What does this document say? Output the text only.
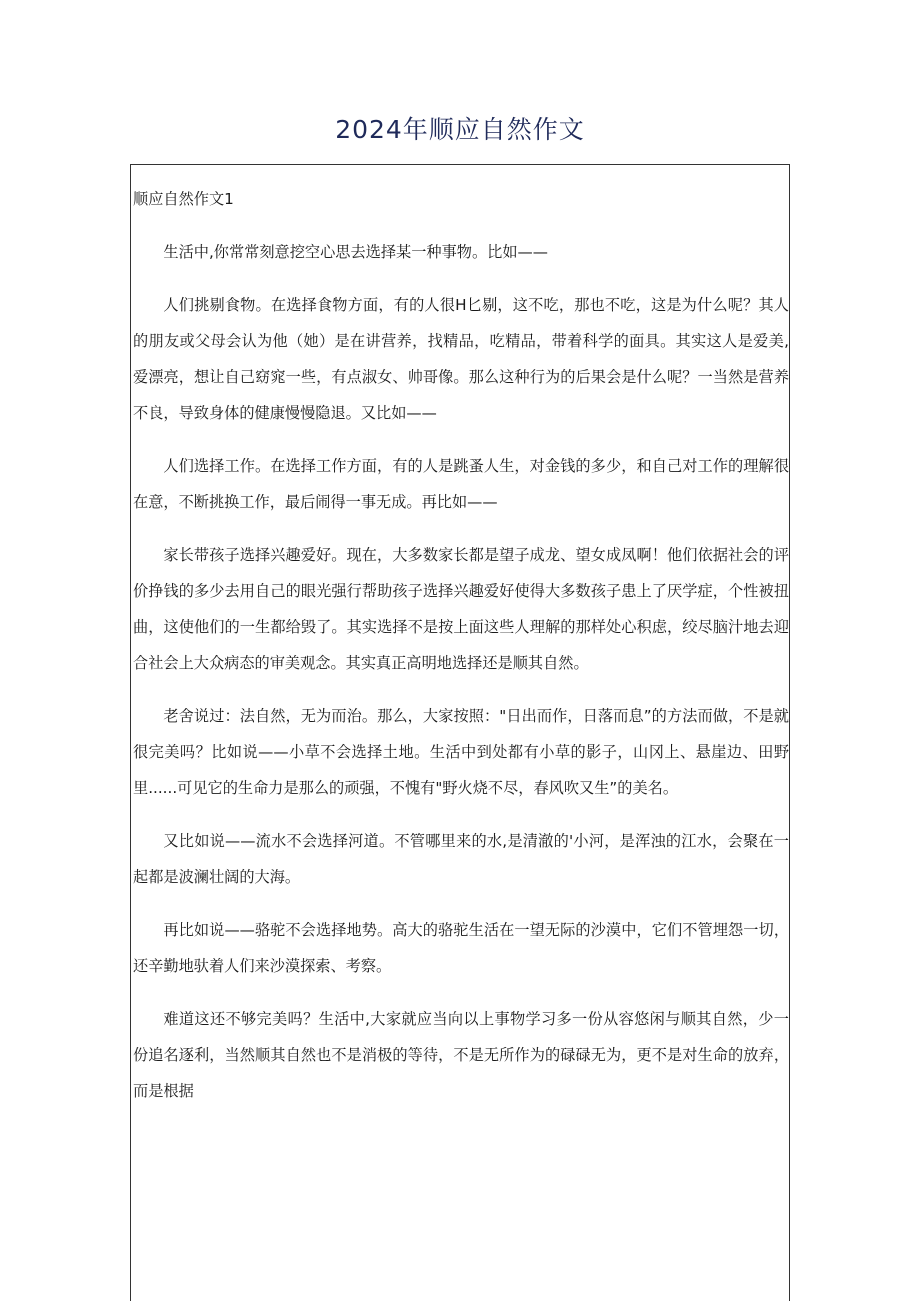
2024年顺应自然作文

顺应自然作文1

生活中,你常常刻意挖空心思去选择某一种事物。比如——

人们挑剔食物。在选择食物方面，有的人很H匕剔，这不吃，那也不吃，这是为什么呢？其人的朋友或父母会认为他（她）是在讲营养，找精品，吃精品，带着科学的面具。其实这人是爱美,爱漂亮，想让自己窈窕一些，有点淑女、帅哥像。那么这种行为的后果会是什么呢？一当然是营养不良，导致身体的健康慢慢隐退。又比如——

人们选择工作。在选择工作方面，有的人是跳蚤人生，对金钱的多少，和自己对工作的理解很在意，不断挑换工作，最后闹得一事无成。再比如——

家长带孩子选择兴趣爱好。现在，大多数家长都是望子成龙、望女成凤啊！他们依据社会的评价挣钱的多少去用自己的眼光强行帮助孩子选择兴趣爱好使得大多数孩子患上了厌学症，个性被扭曲，这使他们的一生都给毁了。其实选择不是按上面这些人理解的那样处心积虑，绞尽脑汁地去迎合社会上大众病态的审美观念。其实真正高明地选择还是顺其自然。

老舍说过：法自然，无为而治。那么，大家按照："日出而作，日落而息”的方法而做，不是就很完美吗？比如说——小草不会选择土地。生活中到处都有小草的影子，山冈上、悬崖边、田野里......可见它的生命力是那么的顽强，不愧有"野火烧不尽，春风吹又生”的美名。

又比如说——流水不会选择河道。不管哪里来的水,是清澈的'小河，是浑浊的江水，会聚在一起都是波澜壮阔的大海。

再比如说——骆驼不会选择地势。高大的骆驼生活在一望无际的沙漠中，它们不管埋怨一切，还辛勤地驮着人们来沙漠探索、考察。

难道这还不够完美吗？生活中,大家就应当向以上事物学习多一份从容悠闲与顺其自然，少一份追名逐利，当然顺其自然也不是消极的等待，不是无所作为的碌碌无为，更不是对生命的放弃，而是根据
